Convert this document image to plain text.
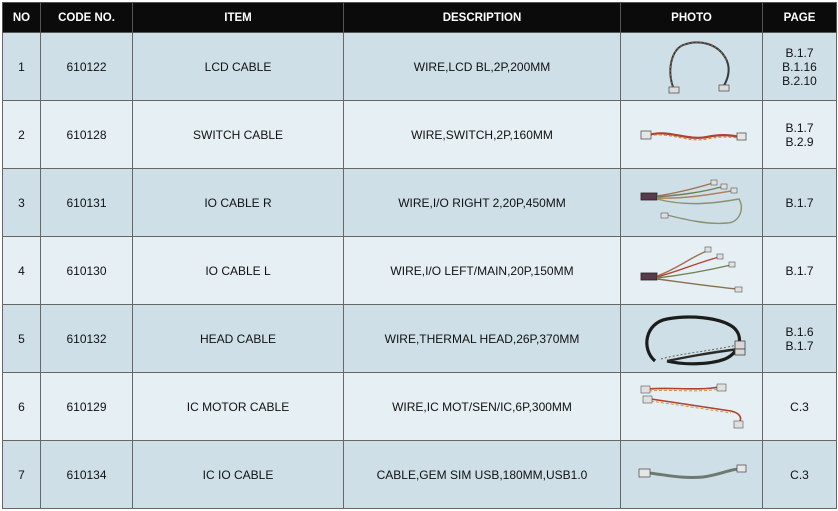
NO	CODE NO.	ITEM	DESCRIPTION	PHOTO	PAGE
1	610122	LCD CABLE	WIRE,LCD BL,2P,200MM		B.1.7
B.1.16
B.2.10

2	610128	SWITCH CABLE	WIRE,SWITCH,2P,160MM		B.1.7
B.2.9

3	610131	IO CABLE R	WIRE,I/O RIGHT 2,20P,450MM		B.1.7

4	610130	IO CABLE L	WIRE,I/O LEFT/MAIN,20P,150MM		B.1.7

5	610132	HEAD CABLE	WIRE,THERMAL HEAD,26P,370MM		B.1.6
B.1.7

6	610129	IC MOTOR CABLE	WIRE,IC MOT/SEN/IC,6P,300MM		C.3

7	610134	IC IO CABLE	CABLE,GEM SIM USB,180MM,USB1.0		C.3
